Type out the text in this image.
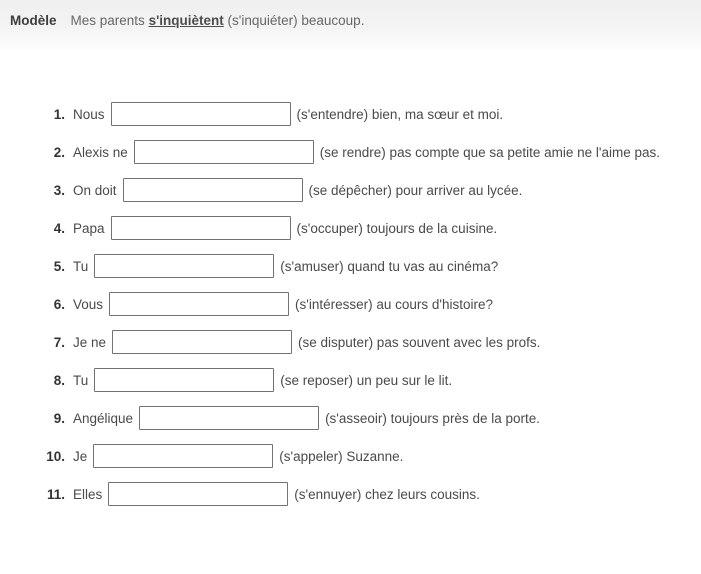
Modèle Mes parents s'inquiètent (s'inquiéter) beaucoup.
1. Nous	(s'entendre) bien, ma sœur et moi.
2. Alexis ne	(se rendre) pas compte que sa petite amie ne l'aime pas.
3. On doit	(se dépêcher) pour arriver au lycée.
4. Papa	(s'occuper) toujours de la cuisine.
5. Tu	(s'amuser) quand tu vas au cinéma?
6. Vous	(s'intéresser) au cours d'histoire?
7. Je ne	(se disputer) pas souvent avec les profs.
8. Tu	(se reposer) un peu sur le lit.
9. Angélique	(s'asseoir) toujours près de la porte.
10. Je	(s'appeler) Suzanne.
11. Elles	(s'ennuyer) chez leurs cousins.
